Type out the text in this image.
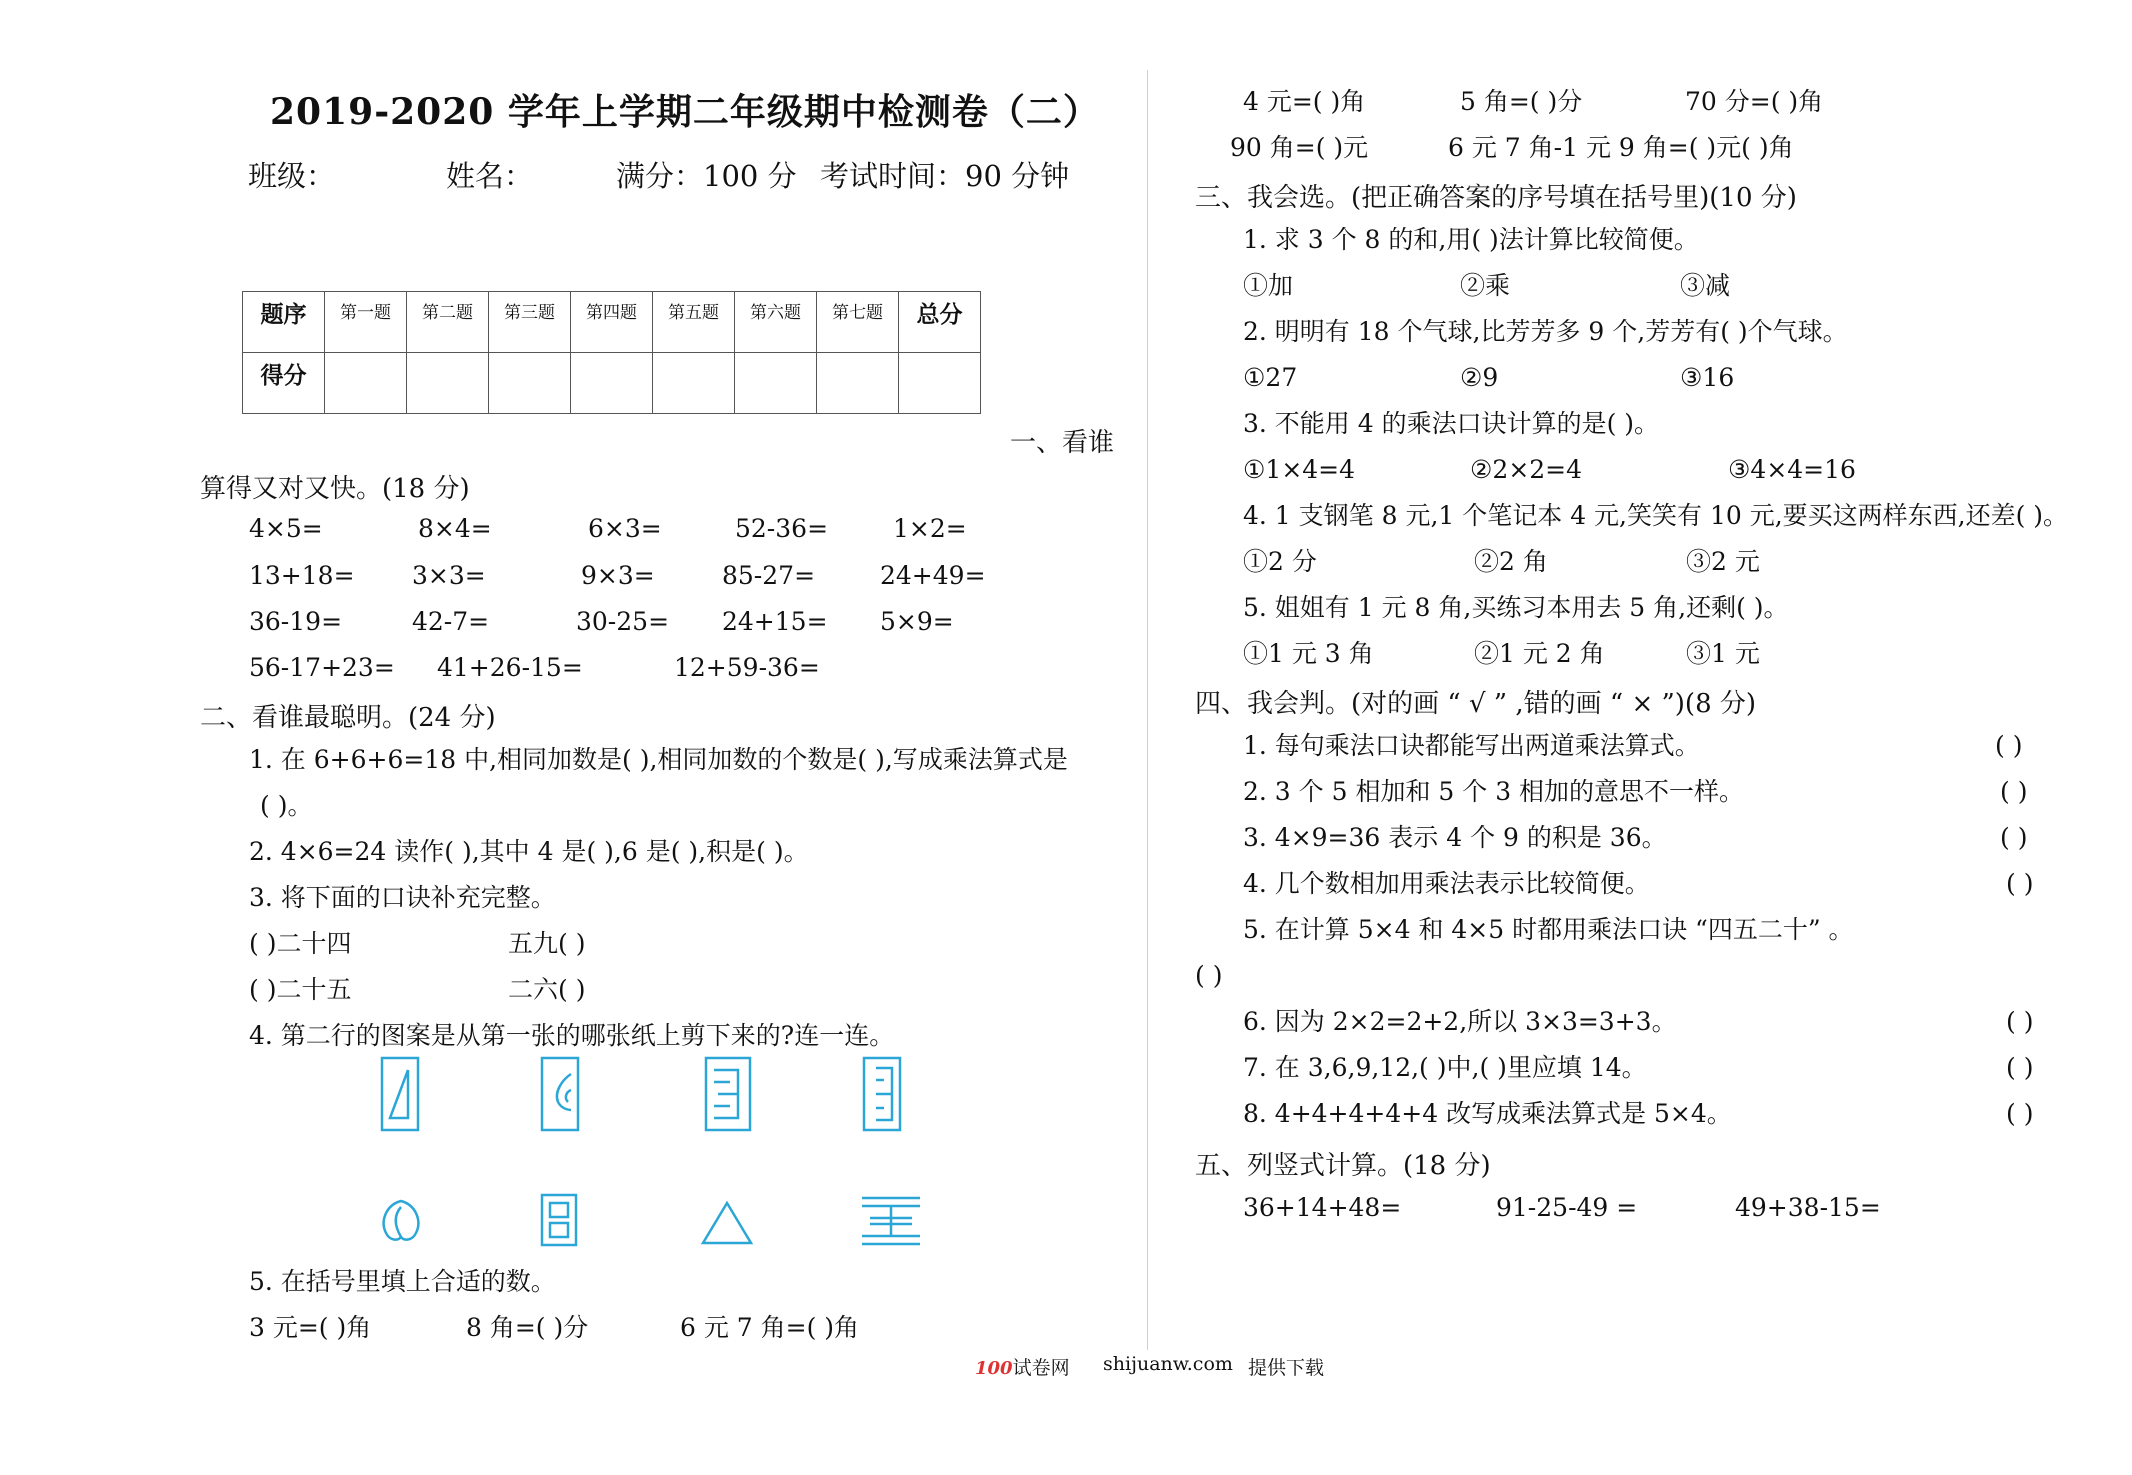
2019-2020 学年上学期二年级期中检测卷（二）
班级：	姓名：	满分：100 分 考试时间：90 分钟
题序	第一题	第二题	第三题	第四题	第五题	第六题	第七题	总分
得分								
一、看谁
算得又对又快。(18 分)
4×5=	8×4=	6×3=	52-36=	1×2=
13+18= 3×3=	9×3=	85-27=	24+49=
36-19=	42-7=	30-25= 24+15= 5×9=
56-17+23= 41+26-15=	12+59-36=
二、看谁最聪明。(24 分)
1. 在 6+6+6=18 中,相同加数是( ),相同加数的个数是( ),写成乘法算式是
( )。
2. 4×6=24 读作( ),其中 4 是( ),6 是( ),积是( )。
3. 将下面的口诀补充完整。
( )二十四	五九( )
( )二十五	二六( )
4. 第二行的图案是从第一张的哪张纸上剪下来的?连一连。
5. 在括号里填上合适的数。
3 元=( )角	8 角=( )分	6 元 7 角=( )角
4 元=( )角	5 角=( )分	70 分=( )角
90 角=( )元	6 元 7 角-1 元 9 角=( )元( )角
三、我会选。(把正确答案的序号填在括号里)(10 分)
1. 求 3 个 8 的和,用( )法计算比较简便。
①加	②乘	③减
2. 明明有 18 个气球,比芳芳多 9 个,芳芳有( )个气球。
①27	②9	③16
3. 不能用 4 的乘法口诀计算的是( )。
①1×4=4	②2×2=4	③4×4=16
4. 1 支钢笔 8 元,1 个笔记本 4 元,笑笑有 10 元,要买这两样东西,还差( )。
①2 分	②2 角	③2 元
5. 姐姐有 1 元 8 角,买练习本用去 5 角,还剩( )。
①1 元 3 角	②1 元 2 角	③1 元
四、我会判。(对的画 “ √ ” ,错的画 “ × ”)(8 分)
1. 每句乘法口诀都能写出两道乘法算式。	( )
2. 3 个 5 相加和 5 个 3 相加的意思不一样。	( )
3. 4×9=36 表示 4 个 9 的积是 36。	( )
4. 几个数相加用乘法表示比较简便。	( )
5. 在计算 5×4 和 4×5 时都用乘法口诀 “四五二十” 。
( )
6. 因为 2×2=2+2,所以 3×3=3+3。	( )
7. 在 3,6,9,12,( )中,( )里应填 14。	( )
8. 4+4+4+4+4 改写成乘法算式是 5×4。	( )
五、列竖式计算。(18 分)
36+14+48=	91-25-49 =	49+38-15=
100试卷网 shijuanw.com 提供下载
